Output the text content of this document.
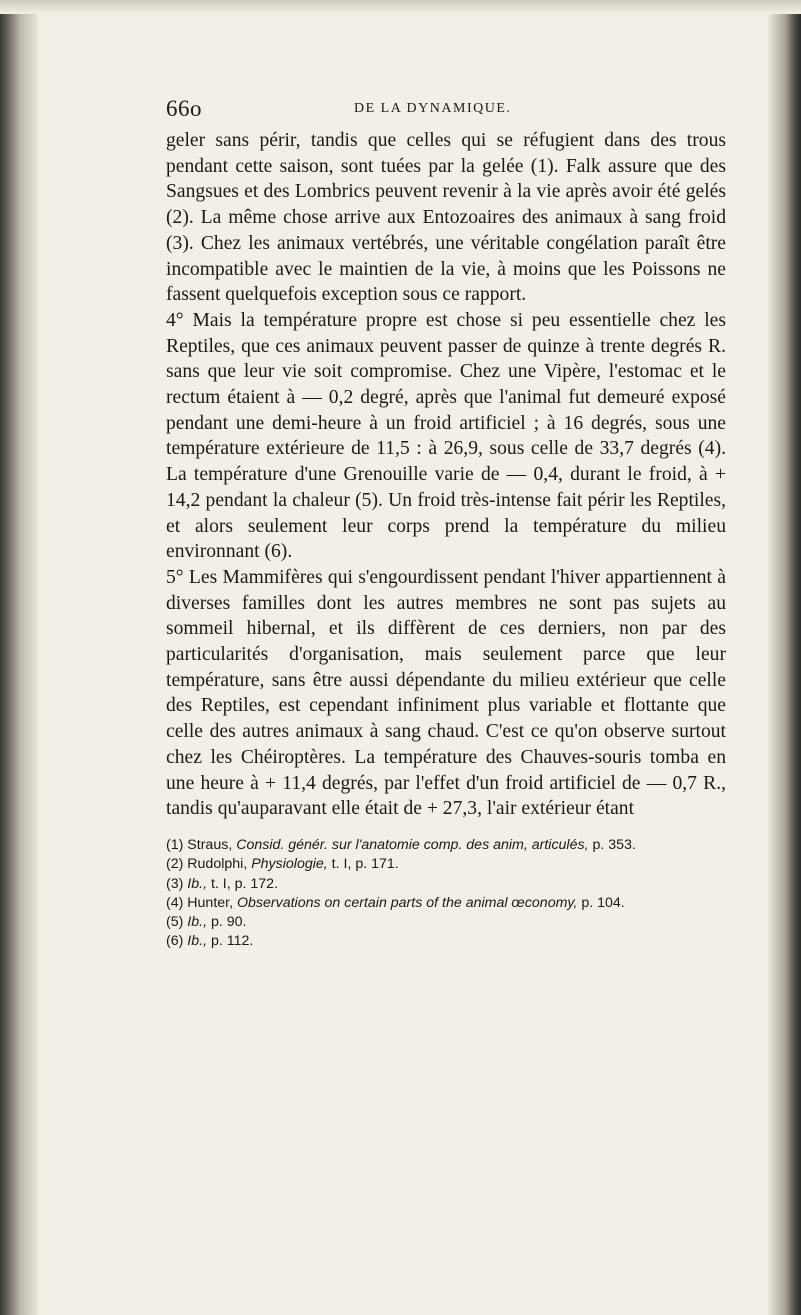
66o	DE LA DYNAMIQUE.

geler sans périr, tandis que celles qui se réfugient dans des trous pendant cette saison, sont tuées par la gelée (1). Falk assure que des Sangsues et des Lombrics peuvent revenir à la vie après avoir été gelés (2). La même chose arrive aux Entozoaires des animaux à sang froid (3). Chez les animaux vertébrés, une véritable congélation paraît être incompatible avec le maintien de la vie, à moins que les Poissons ne fassent quelquefois exception sous ce rapport.

4° Mais la température propre est chose si peu essentielle chez les Reptiles, que ces animaux peuvent passer de quinze à trente degrés R. sans que leur vie soit compromise. Chez une Vipère, l'estomac et le rectum étaient à — 0,2 degré, après que l'animal fut demeuré exposé pendant une demi-heure à un froid artificiel ; à 16 degrés, sous une température extérieure de 11,5 : à 26,9, sous celle de 33,7 degrés (4). La température d'une Grenouille varie de — 0,4, durant le froid, à + 14,2 pendant la chaleur (5). Un froid très-intense fait périr les Reptiles, et alors seulement leur corps prend la température du milieu environnant (6).

5° Les Mammifères qui s'engourdissent pendant l'hiver appartiennent à diverses familles dont les autres membres ne sont pas sujets au sommeil hibernal, et ils diffèrent de ces derniers, non par des particularités d'organisation, mais seulement parce que leur température, sans être aussi dépendante du milieu extérieur que celle des Reptiles, est cependant infiniment plus variable et flottante que celle des autres animaux à sang chaud. C'est ce qu'on observe surtout chez les Chéiroptères. La température des Chauves-souris tomba en une heure à + 11,4 degrés, par l'effet d'un froid artificiel de — 0,7 R., tandis qu'auparavant elle était de + 27,3, l'air extérieur étant

(1) Straus, Consid. génér. sur l'anatomie comp. des anim, articulés, p. 353.

(2) Rudolphi, Physiologie, t. I, p. 171.

(3) Ib., t. I, p. 172.

(4) Hunter, Observations on certain parts of the animal œconomy, p. 104.

(5) Ib., p. 90.

(6) Ib., p. 112.
